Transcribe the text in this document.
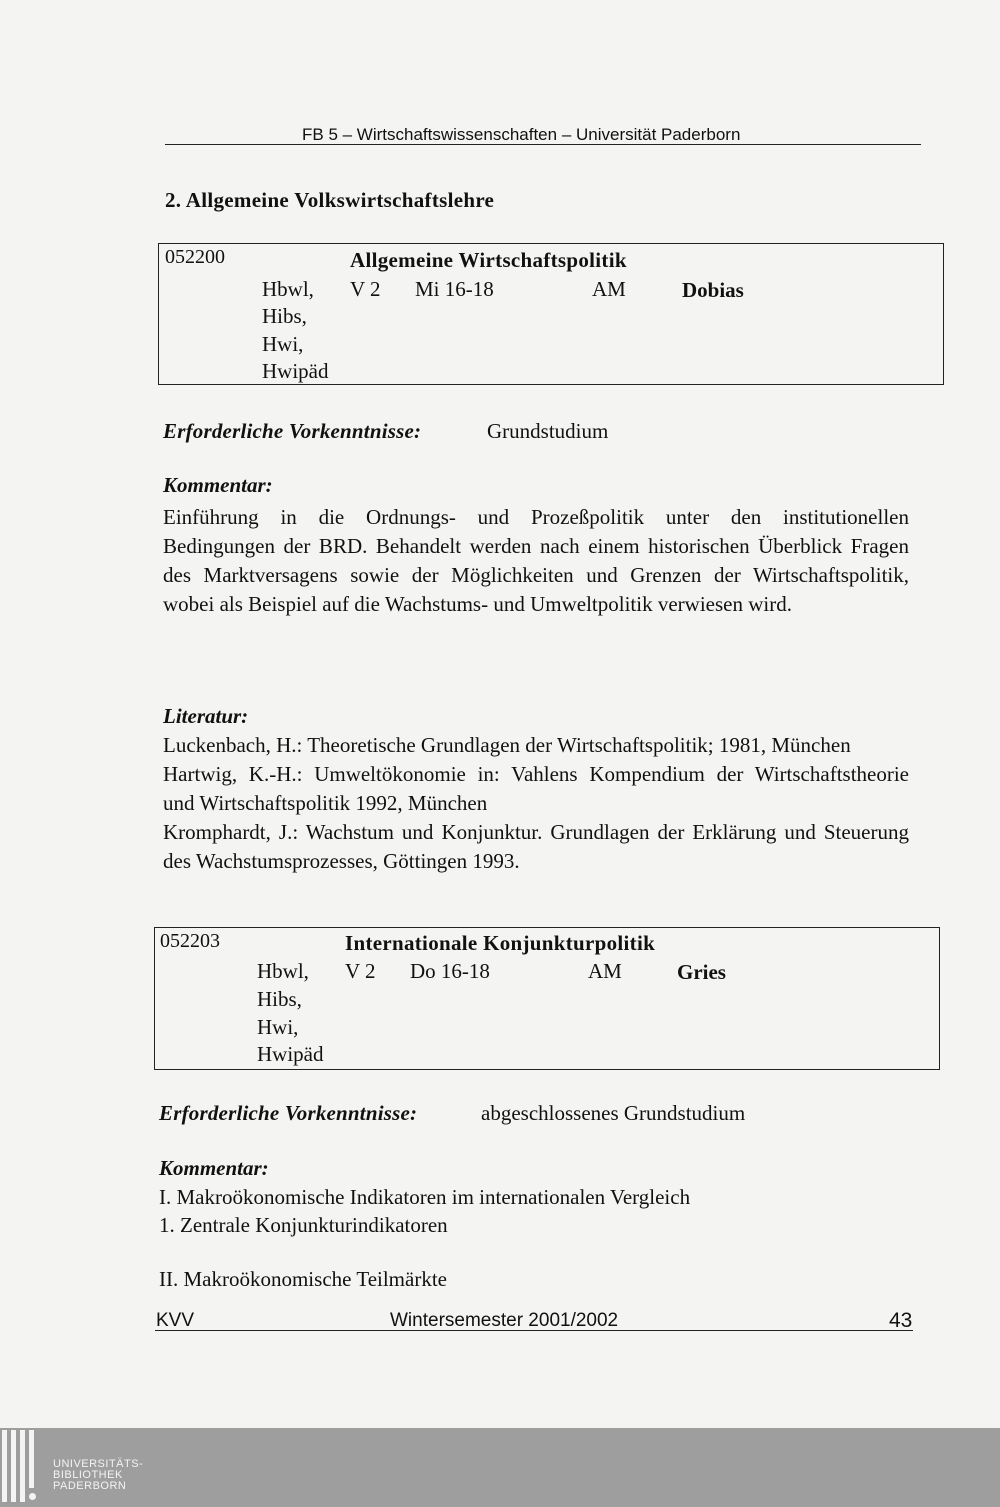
FB 5 – Wirtschaftswissenschaften – Universität Paderborn
2. Allgemeine Volkswirtschaftslehre
052200	Allgemeine Wirtschaftspolitik
Hbwl,
Hibs,
Hwi,
Hwipäd
V 2 Mi 16-18	AM	Dobias
Erforderliche Vorkenntnisse:	Grundstudium
Kommentar:

Einführung in die Ordnungs- und Prozeßpolitik unter den institutionellen

Bedingungen der BRD. Behandelt werden nach einem historischen Überblick Fragen

des Marktversagens sowie der Möglichkeiten und Grenzen der Wirtschaftspolitik,

wobei als Beispiel auf die Wachstums- und Umweltpolitik verwiesen wird.

Literatur:

Luckenbach, H.: Theoretische Grundlagen der Wirtschaftspolitik; 1981, München

Hartwig, K.-H.: Umweltökonomie in: Vahlens Kompendium der Wirtschaftstheorie

und Wirtschaftspolitik 1992, München

Kromphardt, J.: Wachstum und Konjunktur. Grundlagen der Erklärung und Steuerung

des Wachstumsprozesses, Göttingen 1993.

052203	Internationale Konjunkturpolitik
Hbwl,
Hibs,
Hwi,
Hwipäd
V 2 Do 16-18	AM	Gries
Erforderliche Vorkenntnisse:	abgeschlossenes Grundstudium
Kommentar:
I. Makroökonomische Indikatoren im internationalen Vergleich
1. Zentrale Konjunkturindikatoren
II. Makroökonomische Teilmärkte
KVV	Wintersemester 2001/2002	43
UNIVERSITÄTS-
BIBLIOTHEK
PADERBORN
